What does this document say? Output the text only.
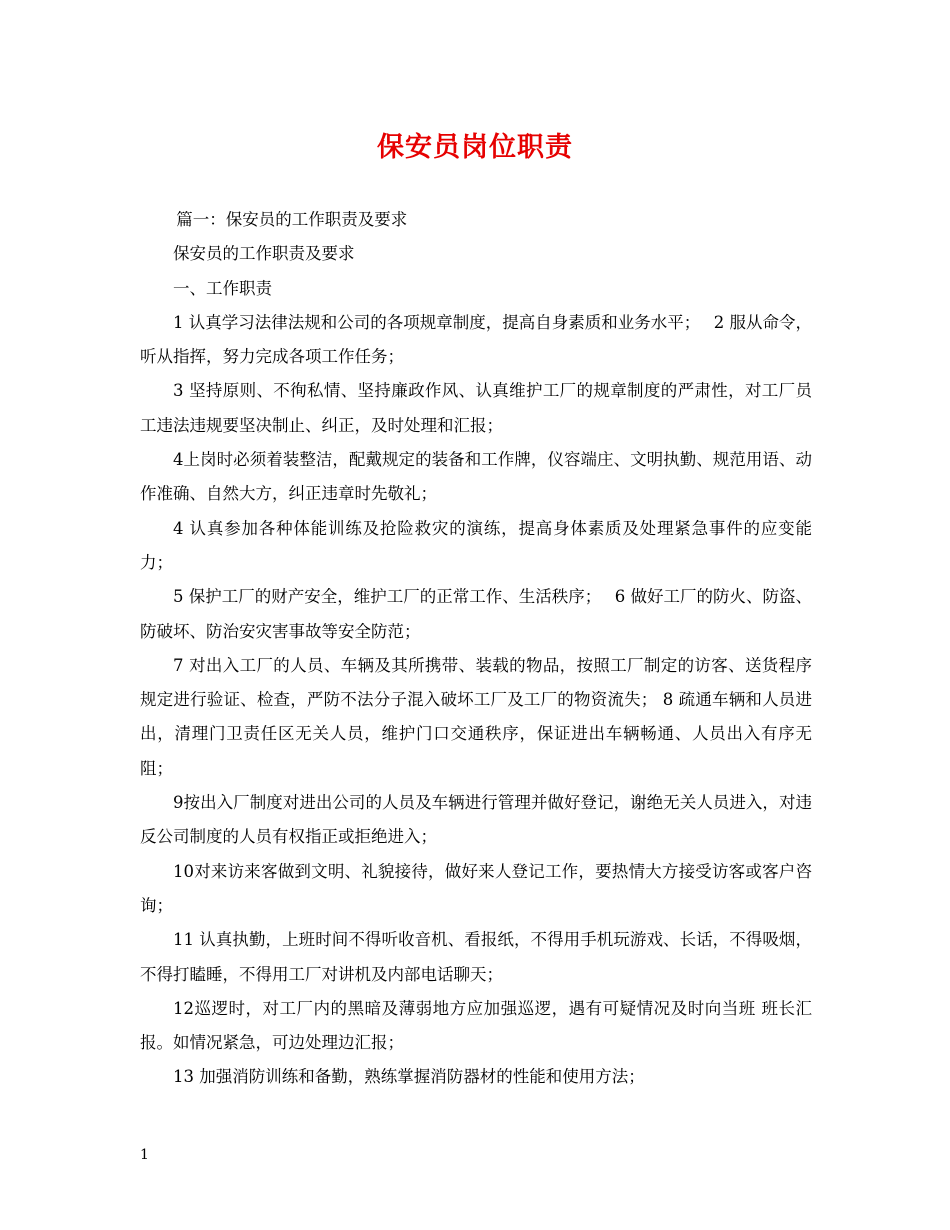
保安员岗位职责

篇一：保安员的工作职责及要求

保安员的工作职责及要求

一、工作职责

1 认真学习法律法规和公司的各项规章制度，提高自身素质和业务水平；　 2 服从命令，听从指挥，努力完成各项工作任务；

3 坚持原则、不徇私情、坚持廉政作风、认真维护工厂的规章制度的严肃性，对工厂员工违法违规要坚决制止、纠正，及时处理和汇报；

4上岗时必须着装整洁，配戴规定的装备和工作牌，仪容端庄、文明执勤、规范用语、动作准确、自然大方，纠正违章时先敬礼；

4 认真参加各种体能训练及抢险救灾的演练，提高身体素质及处理紧急事件的应变能力；

5 保护工厂的财产安全，维护工厂的正常工作、生活秩序；　 6 做好工厂的防火、防盗、防破坏、防治安灾害事故等安全防范；

7 对出入工厂的人员、车辆及其所携带、装载的物品，按照工厂制定的访客、送货程序规定进行验证、检查，严防不法分子混入破坏工厂及工厂的物资流失； 8 疏通车辆和人员进出，清理门卫责任区无关人员，维护门口交通秩序，保证进出车辆畅通、人员出入有序无阻；

9按出入厂制度对进出公司的人员及车辆进行管理并做好登记，谢绝无关人员进入，对违反公司制度的人员有权指正或拒绝进入；

10对来访来客做到文明、礼貌接待，做好来人登记工作，要热情大方接受访客或客户咨询；

11 认真执勤，上班时间不得听收音机、看报纸，不得用手机玩游戏、长话，不得吸烟，不得打瞌睡，不得用工厂对讲机及内部电话聊天；

12巡逻时，对工厂内的黑暗及薄弱地方应加强巡逻，遇有可疑情况及时向当班 班长汇报。如情况紧急，可边处理边汇报；

13 加强消防训练和备勤，熟练掌握消防器材的性能和使用方法；

1
